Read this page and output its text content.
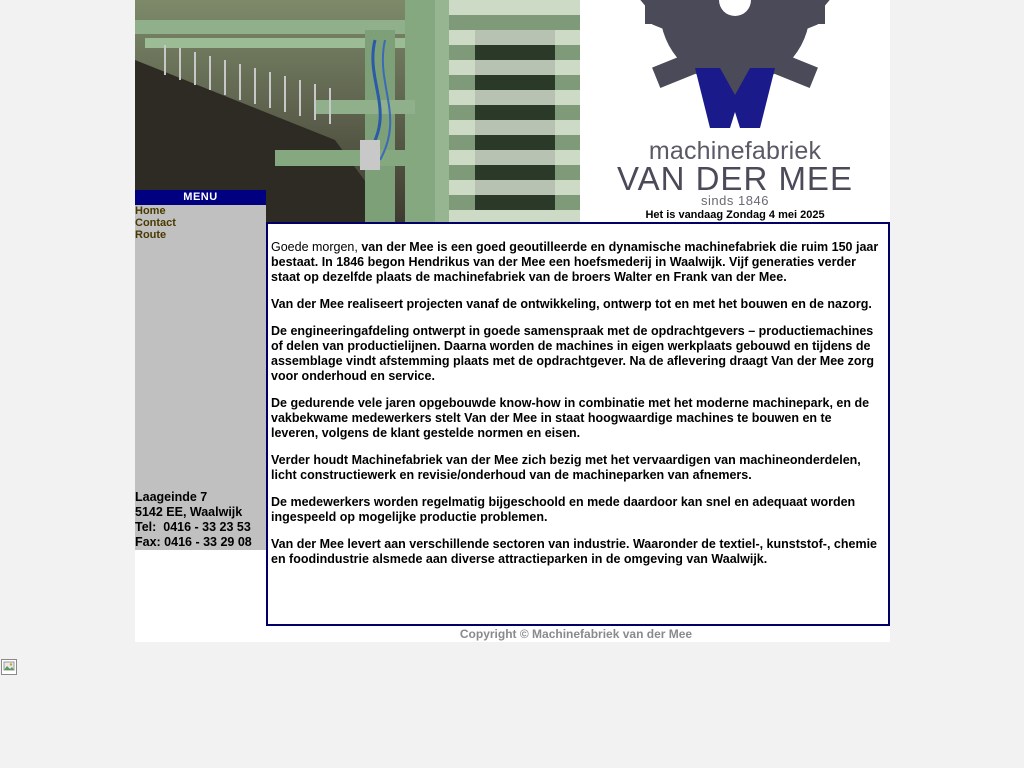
machinefabriek
VAN DER MEE
sinds 1846
Het is vandaag Zondag 4 mei 2025
MENU
Home
Contact
Route
Laageinde 7
5142 EE, Waalwijk
Tel:  0416 - 33 23 53
Fax: 0416 - 33 29 08

Goede morgen, van der Mee is een goed geoutilleerde en dynamische machinefabriek die ruim 150 jaar bestaat. In 1846 begon Hendrikus van der Mee een hoefsmederij in Waalwijk. Vijf generaties verder staat op dezelfde plaats de machinefabriek van de broers Walter en Frank van der Mee.

Van der Mee realiseert projecten vanaf de ontwikkeling, ontwerp tot en met het bouwen en de nazorg.

De engineeringafdeling ontwerpt in goede samenspraak met de opdrachtgevers – productiemachines of delen van productielijnen. Daarna worden de machines in eigen werkplaats gebouwd en tijdens de assemblage vindt afstemming plaats met de opdrachtgever. Na de aflevering draagt Van der Mee zorg voor onderhoud en service.

De gedurende vele jaren opgebouwde know-how in combinatie met het moderne machinepark, en de vakbekwame medewerkers stelt Van der Mee in staat hoogwaardige machines te bouwen en te leveren, volgens de klant gestelde normen en eisen.

Verder houdt Machinefabriek van der Mee zich bezig met het vervaardigen van machineonderdelen, licht constructiewerk en revisie/onderhoud van de machineparken van afnemers.

De medewerkers worden regelmatig bijgeschoold en mede daardoor kan snel en adequaat worden ingespeeld op mogelijke productie problemen.

Van der Mee levert aan verschillende sectoren van industrie. Waaronder de textiel-, kunststof-, chemie en foodindustrie alsmede aan diverse attractieparken in de omgeving van Waalwijk.

Copyright © Machinefabriek van der Mee
